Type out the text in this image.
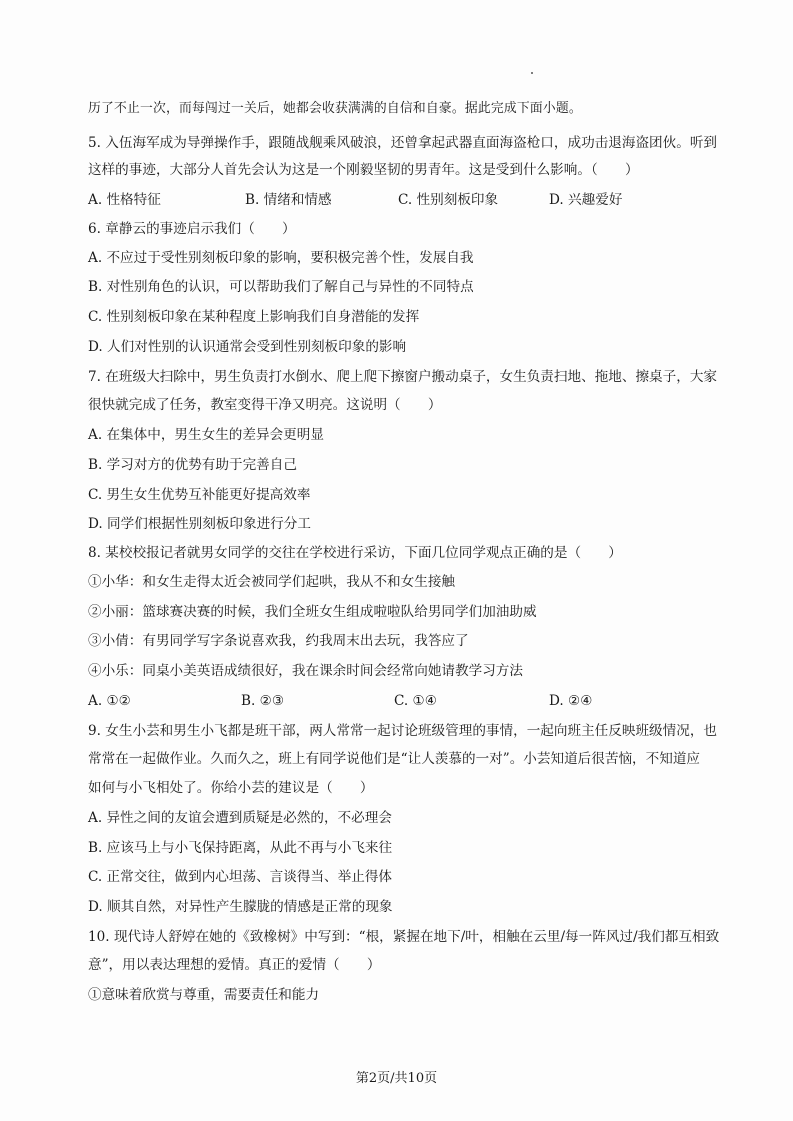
历了不止一次，而每闯过一关后，她都会收获满满的自信和自豪。据此完成下面小题。
5. 入伍海军成为导弹操作手，跟随战舰乘风破浪，还曾拿起武器直面海盗枪口，成功击退海盗团伙。听到
这样的事迹，大部分人首先会认为这是一个刚毅坚韧的男青年。这是受到什么影响。（　　）
A. 性格特征	B. 情绪和情感	C. 性别刻板印象	D. 兴趣爱好
6. 章静云的事迹启示我们（　　）
A. 不应过于受性别刻板印象的影响，要积极完善个性，发展自我
B. 对性别角色的认识，可以帮助我们了解自己与异性的不同特点
C. 性别刻板印象在某种程度上影响我们自身潜能的发挥
D. 人们对性别的认识通常会受到性别刻板印象的影响
7. 在班级大扫除中，男生负责打水倒水、爬上爬下擦窗户搬动桌子，女生负责扫地、拖地、擦桌子，大家
很快就完成了任务，教室变得干净又明亮。这说明（　　）
A. 在集体中，男生女生的差异会更明显
B. 学习对方的优势有助于完善自己
C. 男生女生优势互补能更好提高效率
D. 同学们根据性别刻板印象进行分工
8. 某校校报记者就男女同学的交往在学校进行采访，下面几位同学观点正确的是（　　）
①小华：和女生走得太近会被同学们起哄，我从不和女生接触
②小丽：篮球赛决赛的时候，我们全班女生组成啦啦队给男同学们加油助威
③小倩：有男同学写字条说喜欢我，约我周末出去玩，我答应了
④小乐：同桌小美英语成绩很好，我在课余时间会经常向她请教学习方法
A. ①②	B. ②③	C. ①④	D. ②④
9. 女生小芸和男生小飞都是班干部，两人常常一起讨论班级管理的事情，一起向班主任反映班级情况，也
常常在一起做作业。久而久之，班上有同学说他们是“让人羡慕的一对”。小芸知道后很苦恼，不知道应
如何与小飞相处了。你给小芸的建议是（　　）
A. 异性之间的友谊会遭到质疑是必然的，不必理会
B. 应该马上与小飞保持距离，从此不再与小飞来往
C. 正常交往，做到内心坦荡、言谈得当、举止得体
D. 顺其自然，对异性产生朦胧的情感是正常的现象
10. 现代诗人舒婷在她的《致橡树》中写到：“根，紧握在地下/叶，相触在云里/每一阵风过/我们都互相致
意”，用以表达理想的爱情。真正的爱情（　　）
①意味着欣赏与尊重，需要责任和能力
第2页/共10页
